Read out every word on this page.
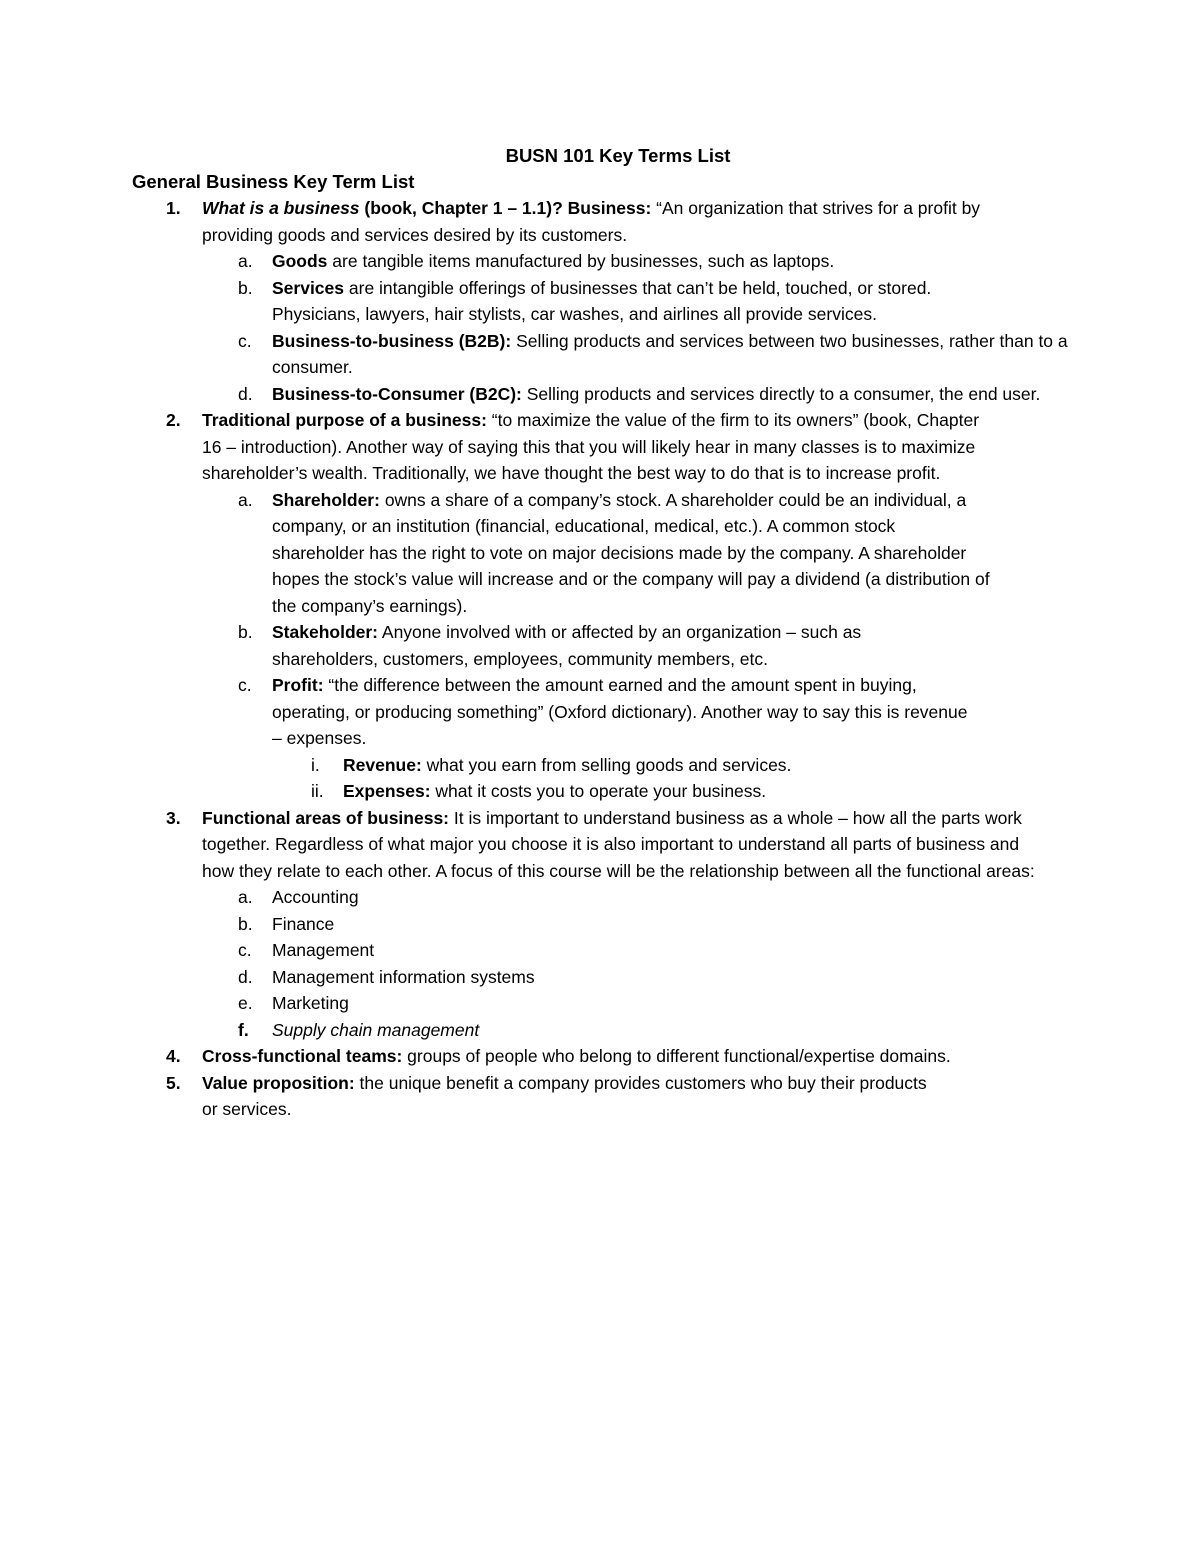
BUSN 101 Key Terms List
General Business Key Term List
1. What is a business (book, Chapter 1 – 1.1)? Business: “An organization that strives for a profit by providing goods and services desired by its customers.
a. Goods are tangible items manufactured by businesses, such as laptops.
b. Services are intangible offerings of businesses that can’t be held, touched, or stored. Physicians, lawyers, hair stylists, car washes, and airlines all provide services.
c. Business-to-business (B2B): Selling products and services between two businesses, rather than to a consumer.
d. Business-to-Consumer (B2C): Selling products and services directly to a consumer, the end user.
2. Traditional purpose of a business: “to maximize the value of the firm to its owners” (book, Chapter 16 – introduction). Another way of saying this that you will likely hear in many classes is to maximize shareholder’s wealth. Traditionally, we have thought the best way to do that is to increase profit.
a. Shareholder: owns a share of a company’s stock. A shareholder could be an individual, a company, or an institution (financial, educational, medical, etc.). A common stock shareholder has the right to vote on major decisions made by the company. A shareholder hopes the stock’s value will increase and or the company will pay a dividend (a distribution of the company’s earnings).
b. Stakeholder: Anyone involved with or affected by an organization – such as shareholders, customers, employees, community members, etc.
c. Profit: “the difference between the amount earned and the amount spent in buying, operating, or producing something” (Oxford dictionary). Another way to say this is revenue – expenses.
i. Revenue: what you earn from selling goods and services.
ii. Expenses: what it costs you to operate your business.
3. Functional areas of business: It is important to understand business as a whole – how all the parts work together. Regardless of what major you choose it is also important to understand all parts of business and how they relate to each other. A focus of this course will be the relationship between all the functional areas:
a. Accounting
b. Finance
c. Management
d. Management information systems
e. Marketing
f. Supply chain management
4. Cross-functional teams: groups of people who belong to different functional/expertise domains.
5. Value proposition: the unique benefit a company provides customers who buy their products or services.
